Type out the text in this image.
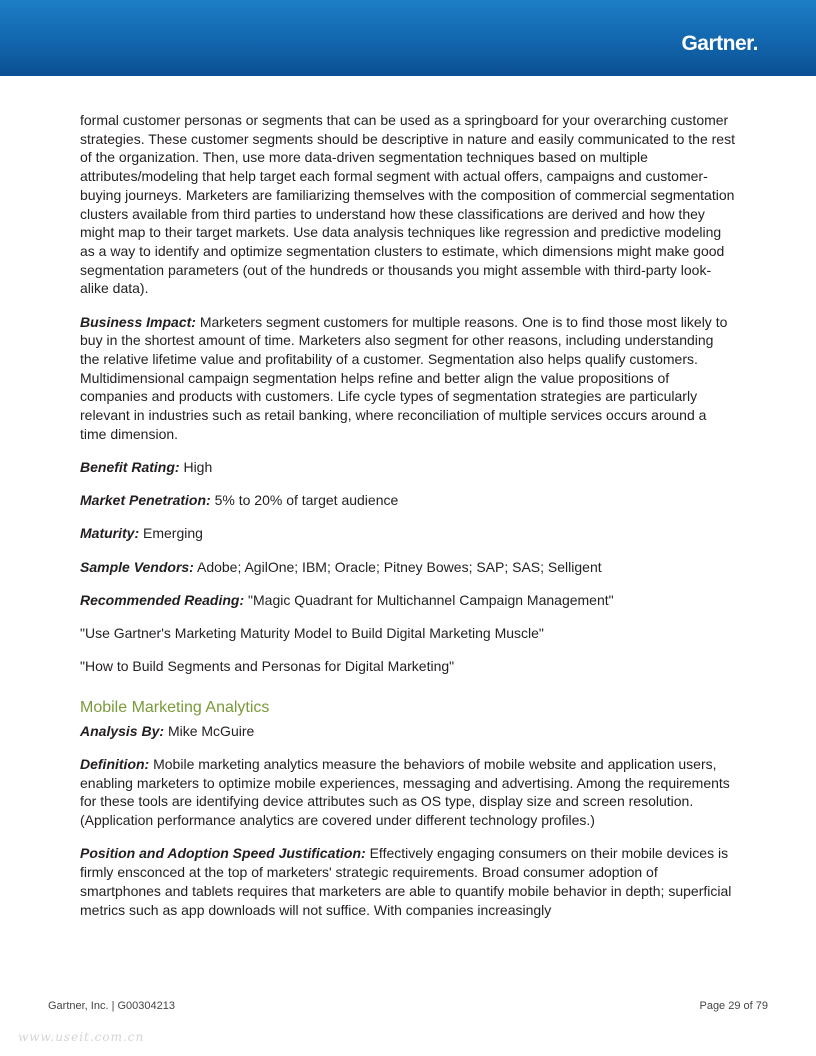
Gartner.

formal customer personas or segments that can be used as a springboard for your overarching customer strategies. These customer segments should be descriptive in nature and easily communicated to the rest of the organization. Then, use more data-driven segmentation techniques based on multiple attributes/modeling that help target each formal segment with actual offers, campaigns and customer-buying journeys. Marketers are familiarizing themselves with the composition of commercial segmentation clusters available from third parties to understand how these classifications are derived and how they might map to their target markets. Use data analysis techniques like regression and predictive modeling as a way to identify and optimize segmentation clusters to estimate, which dimensions might make good segmentation parameters (out of the hundreds or thousands you might assemble with third-party look-alike data).

Business Impact: Marketers segment customers for multiple reasons. One is to find those most likely to buy in the shortest amount of time. Marketers also segment for other reasons, including understanding the relative lifetime value and profitability of a customer. Segmentation also helps qualify customers. Multidimensional campaign segmentation helps refine and better align the value propositions of companies and products with customers. Life cycle types of segmentation strategies are particularly relevant in industries such as retail banking, where reconciliation of multiple services occurs around a time dimension.

Benefit Rating: High

Market Penetration: 5% to 20% of target audience

Maturity: Emerging

Sample Vendors: Adobe; AgilOne; IBM; Oracle; Pitney Bowes; SAP; SAS; Selligent

Recommended Reading: "Magic Quadrant for Multichannel Campaign Management"

"Use Gartner's Marketing Maturity Model to Build Digital Marketing Muscle"

"How to Build Segments and Personas for Digital Marketing"

Mobile Marketing Analytics

Analysis By: Mike McGuire

Definition: Mobile marketing analytics measure the behaviors of mobile website and application users, enabling marketers to optimize mobile experiences, messaging and advertising. Among the requirements for these tools are identifying device attributes such as OS type, display size and screen resolution. (Application performance analytics are covered under different technology profiles.)

Position and Adoption Speed Justification: Effectively engaging consumers on their mobile devices is firmly ensconced at the top of marketers' strategic requirements. Broad consumer adoption of smartphones and tablets requires that marketers are able to quantify mobile behavior in depth; superficial metrics such as app downloads will not suffice. With companies increasingly

Gartner, Inc. | G00304213	Page 29 of 79
www.useit.com.cn
